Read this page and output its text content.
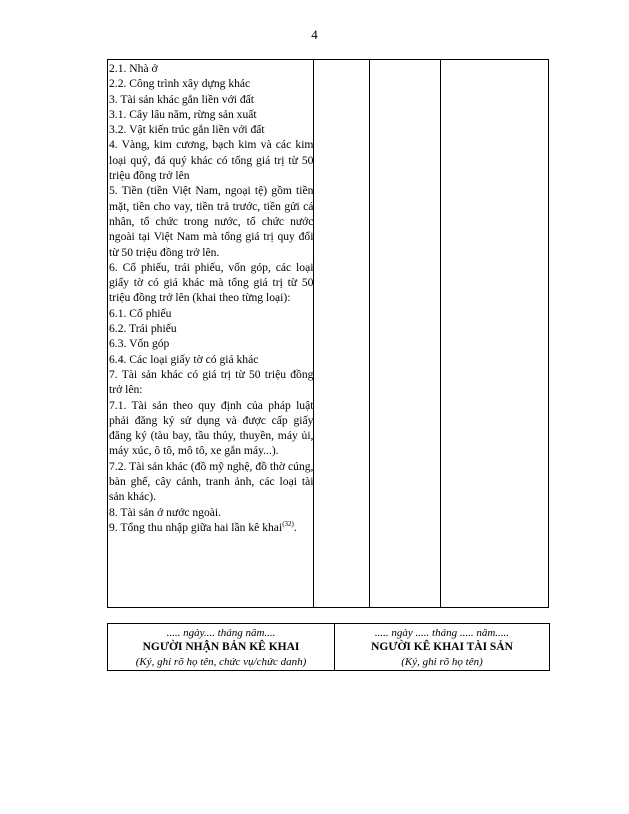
4
2.1. Nhà ở
2.2. Công trình xây dựng khác
3. Tài sản khác gắn liền với đất
3.1. Cây lâu năm, rừng sản xuất
3.2. Vật kiến trúc gắn liền với đất
4. Vàng, kim cương, bạch kim và các kim loại quý, đá quý khác có tổng giá trị từ 50 triệu đồng trở lên
5. Tiền (tiền Việt Nam, ngoại tệ) gồm tiền mặt, tiền cho vay, tiền trả trước, tiền gửi cá nhân, tổ chức trong nước, tổ chức nước ngoài tại Việt Nam mà tổng giá trị quy đổi từ 50 triệu đồng trở lên.
6. Cổ phiếu, trái phiếu, vốn góp, các loại giấy tờ có giá khác mà tổng giá trị từ 50 triệu đồng trở lên (khai theo từng loại):
6.1. Cổ phiếu
6.2. Trái phiếu
6.3. Vốn góp
6.4. Các loại giấy tờ có giá khác
7. Tài sản khác có giá trị từ 50 triệu đồng trở lên:
7.1. Tài sản theo quy định của pháp luật phải đăng ký sử dụng và được cấp giấy đăng ký (tàu bay, tầu thủy, thuyền, máy ủi, máy xúc, ô tô, mô tô, xe gắn máy...).
7.2. Tài sản khác (đồ mỹ nghệ, đồ thờ cúng, bàn ghế, cây cảnh, tranh ảnh, các loại tài sản khác).
8. Tài sản ở nước ngoài.
9. Tổng thu nhập giữa hai lần kê khai$^{(32)}$.

..... ngày.... tháng năm....
NGƯỜI NHẬN BẢN KÊ KHAI
(Ký, ghi rõ họ tên, chức vụ/chức danh)

..... ngày ..... tháng ..... năm.....
NGƯỜI KÊ KHAI TÀI SẢN
(Ký, ghi rõ họ tên)
